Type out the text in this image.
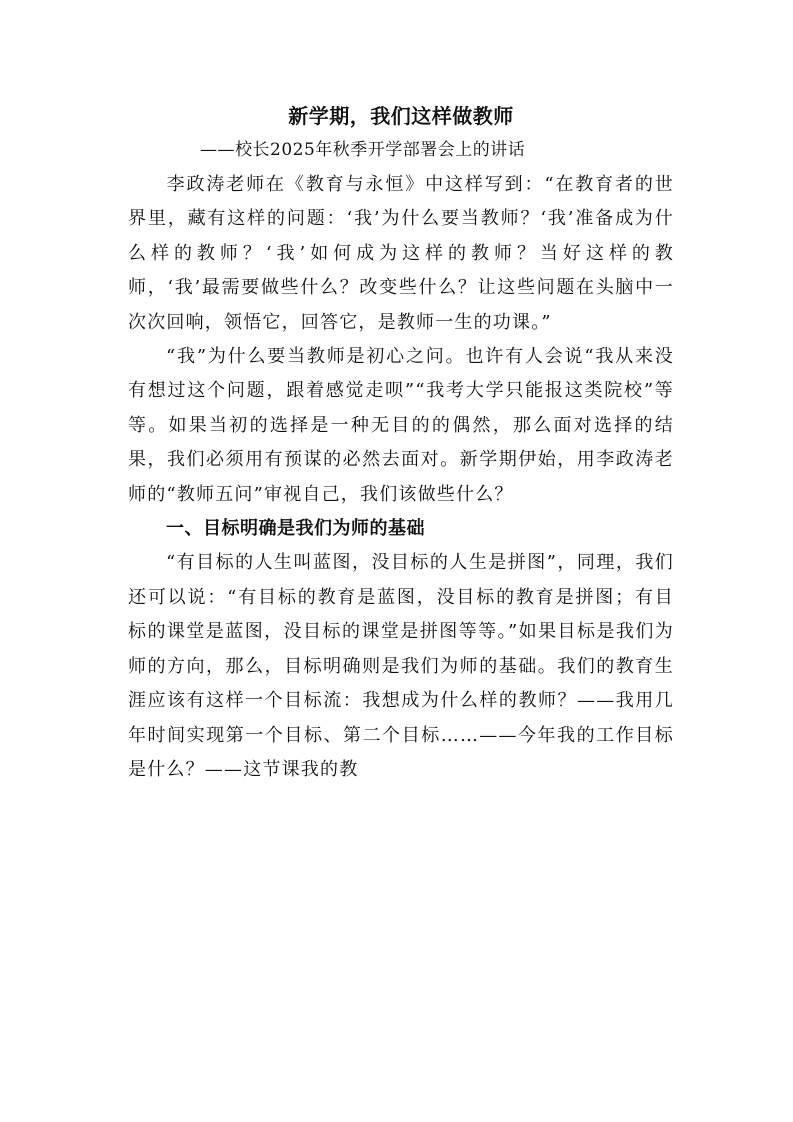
新学期，我们这样做教师
——校长2025年秋季开学部署会上的讲话

李政涛老师在《教育与永恒》中这样写到：“在教育者的世界里，藏有这样的问题：‘我’为什么要当教师？‘我’准备成为什么样的教师？‘我’如何成为这样的教师？当好这样的教师，‘我’最需要做些什么？改变些什么？让这些问题在头脑中一次次回响，领悟它，回答它，是教师一生的功课。”

“我”为什么要当教师是初心之问。也许有人会说“我从来没有想过这个问题，跟着感觉走呗”“我考大学只能报这类院校”等等。如果当初的选择是一种无目的的偶然，那么面对选择的结果，我们必须用有预谋的必然去面对。新学期伊始，用李政涛老师的“教师五问”审视自己，我们该做些什么？

一、目标明确是我们为师的基础

“有目标的人生叫蓝图，没目标的人生是拼图”，同理，我们还可以说：“有目标的教育是蓝图，没目标的教育是拼图；有目标的课堂是蓝图，没目标的课堂是拼图等等。”如果目标是我们为师的方向，那么，目标明确则是我们为师的基础。我们的教育生涯应该有这样一个目标流：我想成为什么样的教师？——我用几年时间实现第一个目标、第二个目标……——今年我的工作目标是什么？——这节课我的教
